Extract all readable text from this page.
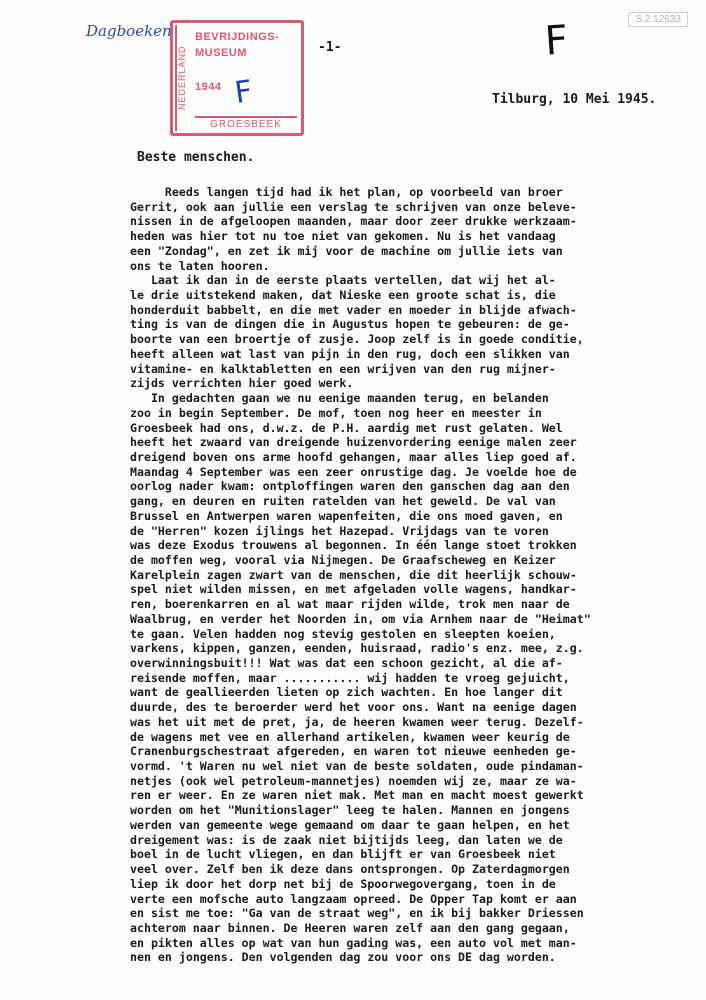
S.2.12633
Dagboeken
NEDERLAND
BEVRIJDINGS-
MUSEUM
1944 F
GROESBEEK
-1-	F
Tilburg, 10 Mei 1945.
Beste menschen.
Reeds langen tijd had ik het plan, op voorbeeld van broer
Gerrit, ook aan jullie een verslag te schrijven van onze beleve-
nissen in de afgeloopen maanden, maar door zeer drukke werkzaam-
heden was hier tot nu toe niet van gekomen. Nu is het vandaag
een "Zondag", en zet ik mij voor de machine om jullie iets van
ons te laten hooren.
Laat ik dan in de eerste plaats vertellen, dat wij het al-
le drie uitstekend maken, dat Nieske een groote schat is, die
honderduit babbelt, en die met vader en moeder in blijde afwach-
ting is van de dingen die in Augustus hopen te gebeuren: de ge-
boorte van een broertje of zusje. Joop zelf is in goede conditie,
heeft alleen wat last van pijn in den rug, doch een slikken van
vitamine- en kalktabletten en een wrijven van den rug mijner-
zijds verrichten hier goed werk.
In gedachten gaan we nu eenige maanden terug, en belanden
zoo in begin September. De mof, toen nog heer en meester in
Groesbeek had ons, d.w.z. de P.H. aardig met rust gelaten. Wel
heeft het zwaard van dreigende huizenvordering eenige malen zeer
dreigend boven ons arme hoofd gehangen, maar alles liep goed af.
Maandag 4 September was een zeer onrustige dag. Je voelde hoe de
oorlog nader kwam: ontploffingen waren den ganschen dag aan den
gang, en deuren en ruiten ratelden van het geweld. De val van
Brussel en Antwerpen waren wapenfeiten, die ons moed gaven, en
de "Herren" kozen ijlings het Hazepad. Vrijdags van te voren
was deze Exodus trouwens al begonnen. In één lange stoet trokken
de moffen weg, vooral via Nijmegen. De Graafscheweg en Keizer
Karelplein zagen zwart van de menschen, die dit heerlijk schouw-
spel niet wilden missen, en met afgeladen volle wagens, handkar-
ren, boerenkarren en al wat maar rijden wilde, trok men naar de
Waalbrug, en verder het Noorden in, om via Arnhem naar de "Heimat"
te gaan. Velen hadden nog stevig gestolen en sleepten koeien,
varkens, kippen, ganzen, eenden, huisraad, radio's enz. mee, z.g.
overwinningsbuit!!! Wat was dat een schoon gezicht, al die af-
reisende moffen, maar ........... wij hadden te vroeg gejuicht,
want de geallieerden lieten op zich wachten. En hoe langer dit
duurde, des te beroerder werd het voor ons. Want na eenige dagen
was het uit met de pret, ja, de heeren kwamen weer terug. Dezelf-
de wagens met vee en allerhand artikelen, kwamen weer keurig de
Cranenburgschestraat afgereden, en waren tot nieuwe eenheden ge-
vormd. 't Waren nu wel niet van de beste soldaten, oude pindaman-
netjes (ook wel petroleum-mannetjes) noemden wij ze, maar ze wa-
ren er weer. En ze waren niet mak. Met man en macht moest gewerkt
worden om het "Munitionslager" leeg te halen. Mannen en jongens
werden van gemeente wege gemaand om daar te gaan helpen, en het
dreigement was: is de zaak niet bijtijds leeg, dan laten we de
boel in de lucht vliegen, en dan blijft er van Groesbeek niet
veel over. Zelf ben ik deze dans ontsprongen. Op Zaterdagmorgen
liep ik door het dorp net bij de Spoorwegovergang, toen in de
verte een mofsche auto langzaam opreed. De Opper Tap komt er aan
en sist me toe: "Ga van de straat weg", en ik bij bakker Driessen
achterom naar binnen. De Heeren waren zelf aan den gang gegaan,
en pikten alles op wat van hun gading was, een auto vol met man-
nen en jongens. Den volgenden dag zou voor ons DE dag worden.
